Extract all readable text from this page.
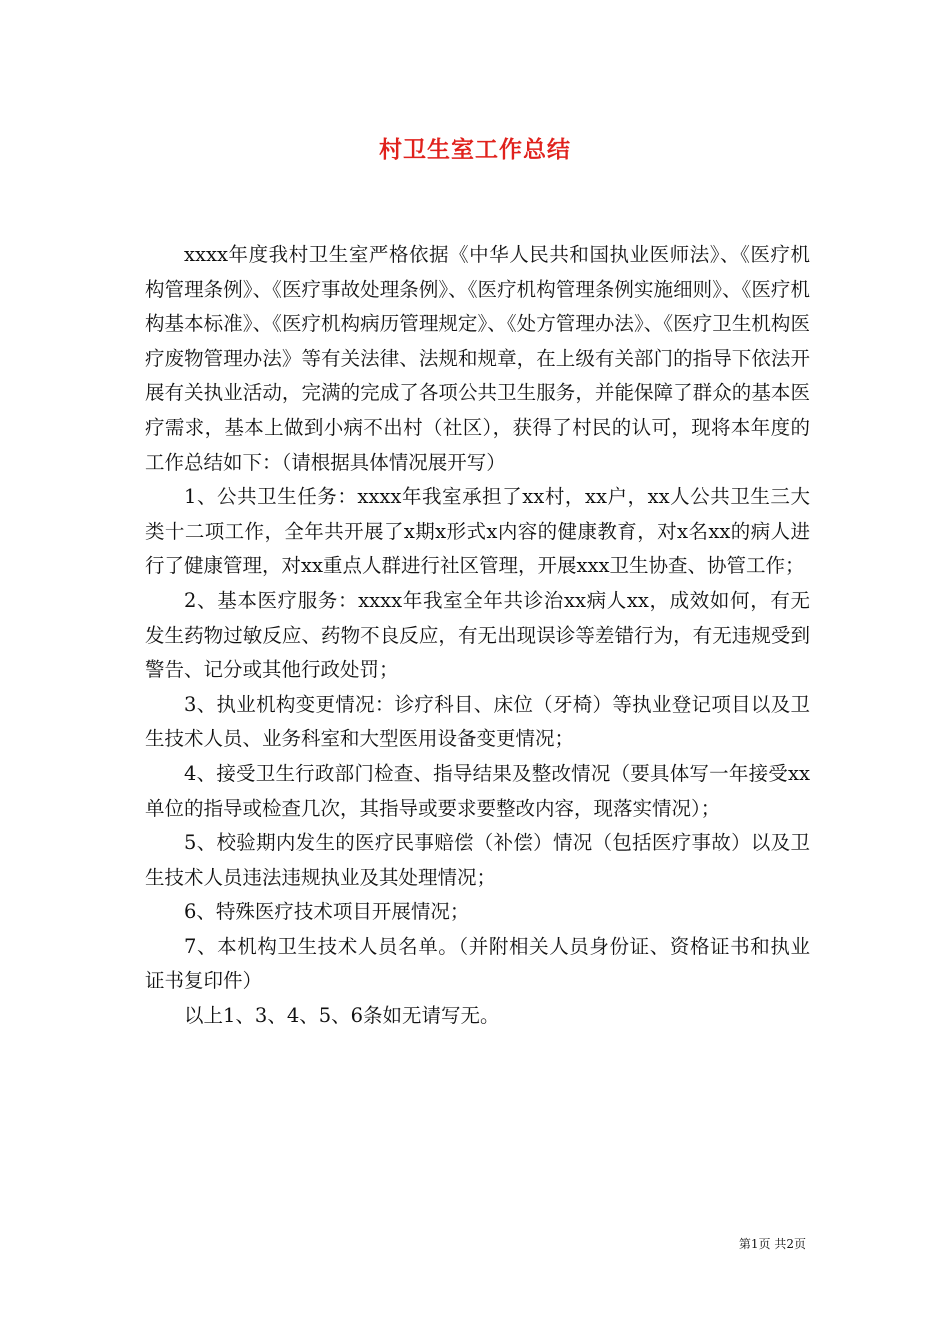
村卫生室工作总结

xxxx年度我村卫生室严格依据《中华人民共和国执业医师法》、《医疗机构管理条例》、《医疗事故处理条例》、《医疗机构管理条例实施细则》、《医疗机构基本标准》、《医疗机构病历管理规定》、《处方管理办法》、《医疗卫生机构医疗废物管理办法》等有关法律、法规和规章，在上级有关部门的指导下依法开展有关执业活动，完满的完成了各项公共卫生服务，并能保障了群众的基本医疗需求，基本上做到小病不出村（社区），获得了村民的认可，现将本年度的工作总结如下：（请根据具体情况展开写）

1、公共卫生任务：xxxx年我室承担了xx村，xx户，xx人公共卫生三大类十二项工作，全年共开展了x期x形式x内容的健康教育，对x名xx的病人进行了健康管理，对xx重点人群进行社区管理，开展xxx卫生协查、协管工作；

2、基本医疗服务：xxxx年我室全年共诊治xx病人xx，成效如何，有无发生药物过敏反应、药物不良反应，有无出现误诊等差错行为，有无违规受到警告、记分或其他行政处罚；

3、执业机构变更情况：诊疗科目、床位（牙椅）等执业登记项目以及卫生技术人员、业务科室和大型医用设备变更情况；

4、接受卫生行政部门检查、指导结果及整改情况（要具体写一年接受xx单位的指导或检查几次，其指导或要求要整改内容，现落实情况）；

5、校验期内发生的医疗民事赔偿（补偿）情况（包括医疗事故）以及卫生技术人员违法违规执业及其处理情况；

6、特殊医疗技术项目开展情况；

7、本机构卫生技术人员名单。（并附相关人员身份证、资格证书和执业证书复印件）

以上1、3、4、5、6条如无请写无。

第1页 共2页
